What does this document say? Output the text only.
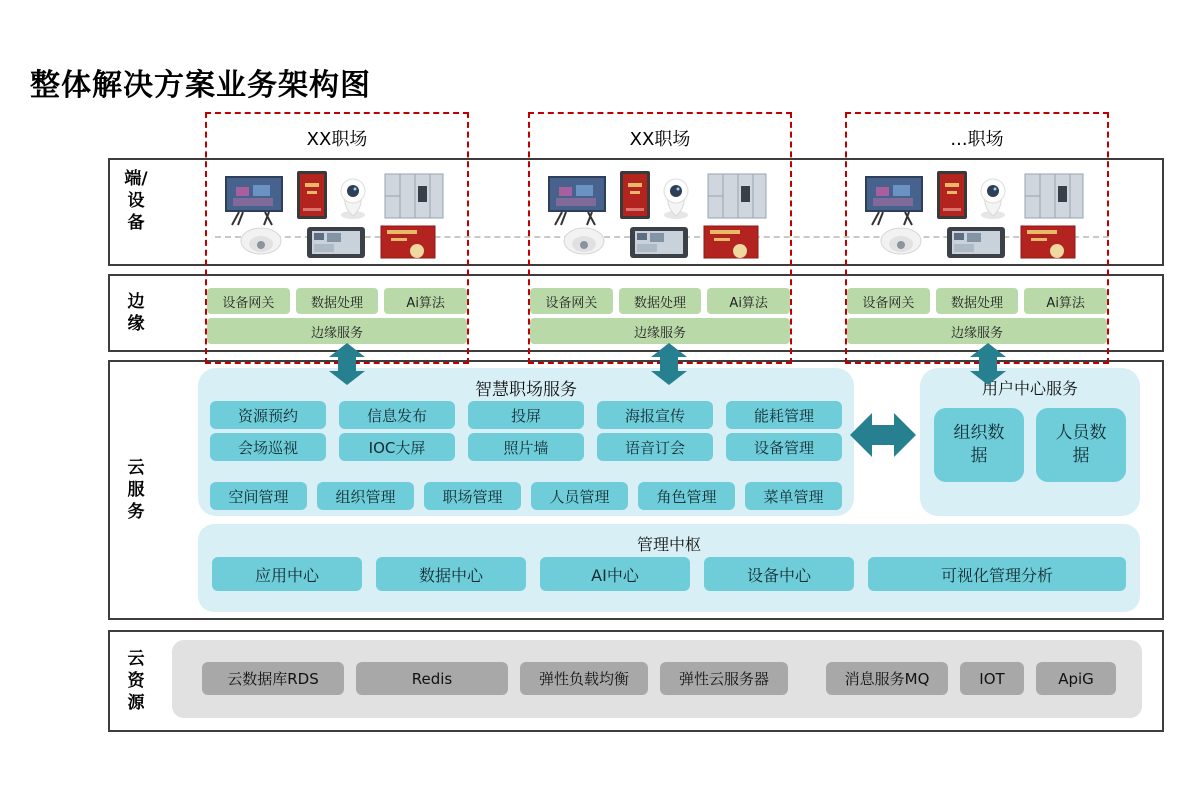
整体解决方案业务架构图
端/设备
边缘
云服务
云资源
XX职场	XX职场	...职场
设备网关	数据处理	Ai算法	设备网关	数据处理	Ai算法	设备网关	数据处理	Ai算法
边缘服务	边缘服务	边缘服务
智慧职场服务
资源预约	信息发布	投屏	海报宣传	能耗管理
会场巡视	IOC大屏	照片墙	语音订会	设备管理
空间管理	组织管理	职场管理	人员管理	角色管理	菜单管理
用户中心服务
组织数据
人员数据
管理中枢
应用中心	数据中心	AI中心	设备中心	可视化管理分析
云数据库RDS	Redis	弹性负载均衡	弹性云服务器	消息服务MQ	IOT	ApiG
